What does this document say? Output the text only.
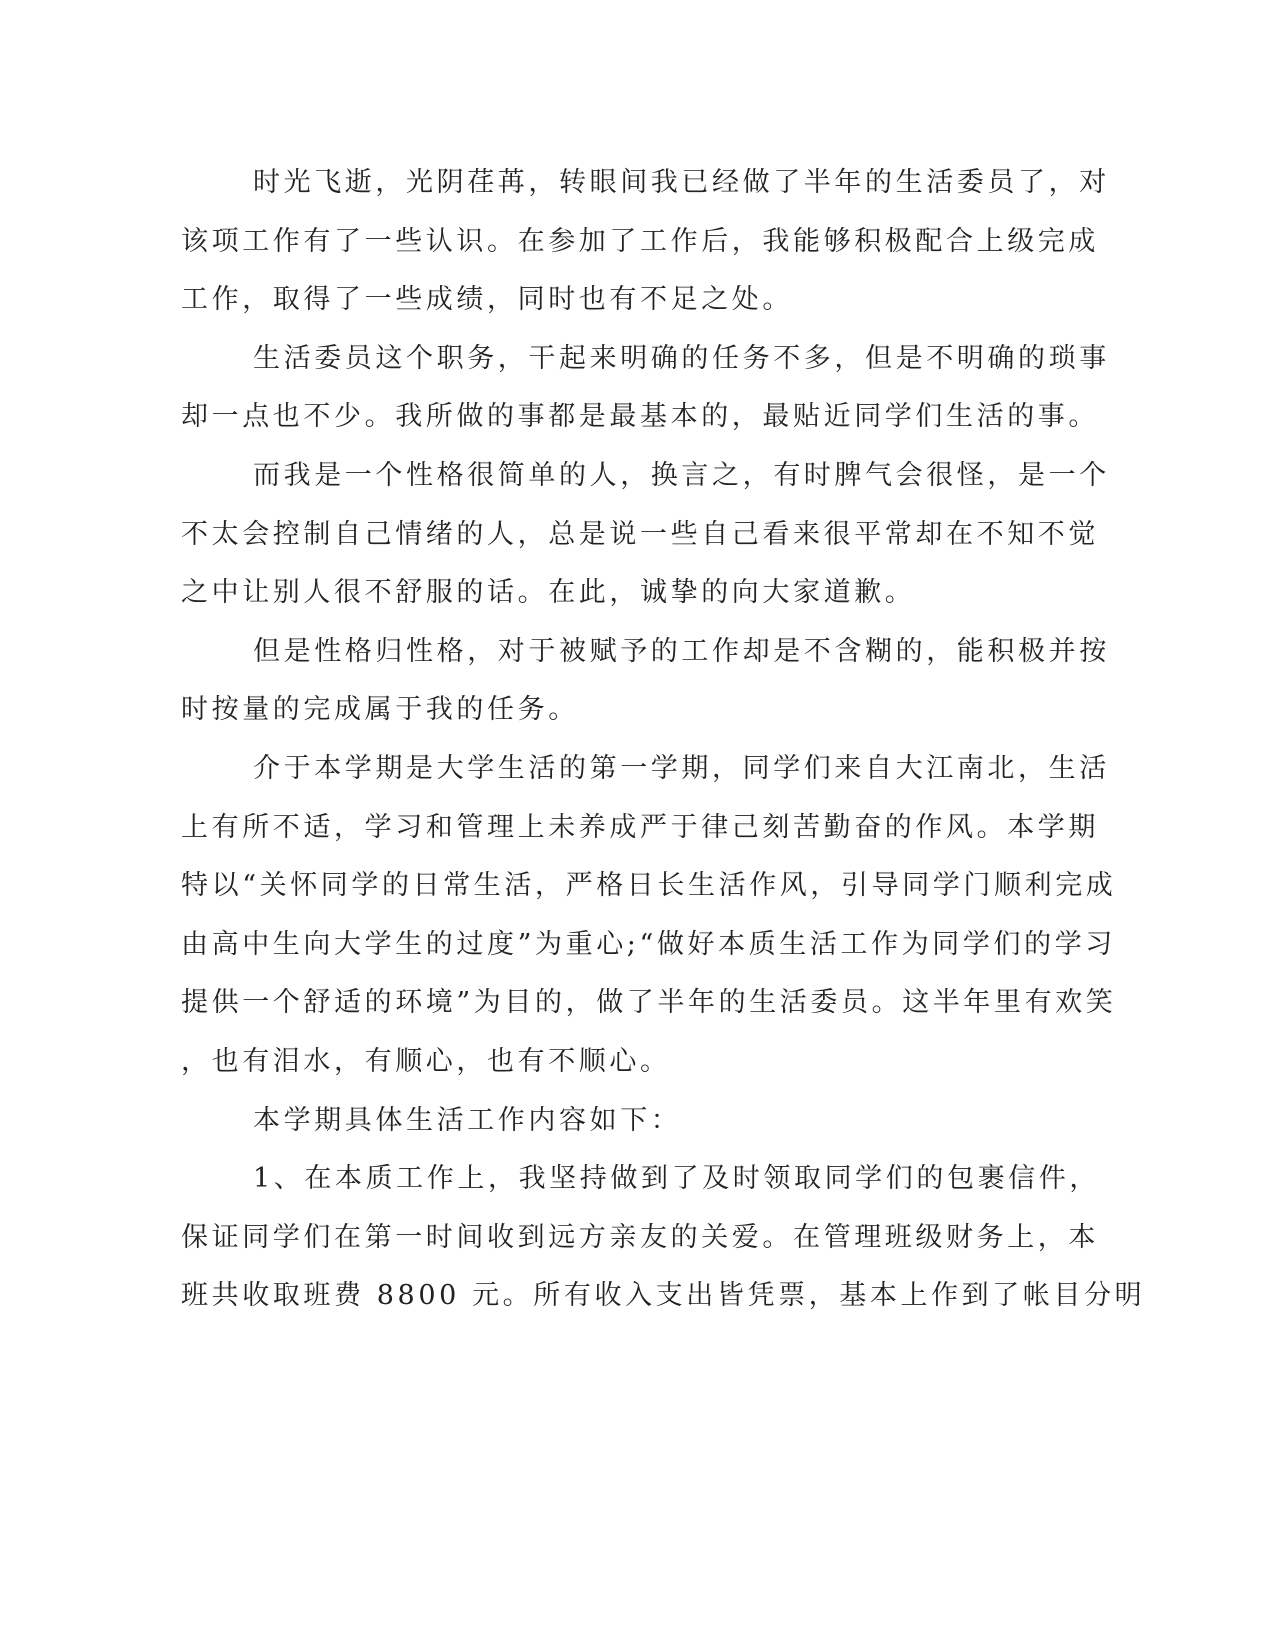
时光飞逝，光阴荏苒，转眼间我已经做了半年的生活委员了，对
该项工作有了一些认识。在参加了工作后，我能够积极配合上级完成
工作，取得了一些成绩，同时也有不足之处。
生活委员这个职务，干起来明确的任务不多，但是不明确的琐事
却一点也不少。我所做的事都是最基本的，最贴近同学们生活的事。
而我是一个性格很简单的人，换言之，有时脾气会很怪，是一个
不太会控制自己情绪的人，总是说一些自己看来很平常却在不知不觉
之中让别人很不舒服的话。在此，诚挚的向大家道歉。
但是性格归性格，对于被赋予的工作却是不含糊的，能积极并按
时按量的完成属于我的任务。
介于本学期是大学生活的第一学期，同学们来自大江南北，生活
上有所不适，学习和管理上未养成严于律己刻苦勤奋的作风。本学期
特以“关怀同学的日常生活，严格日长生活作风，引导同学门顺利完成
由高中生向大学生的过度”为重心;“做好本质生活工作为同学们的学习
提供一个舒适的环境”为目的，做了半年的生活委员。这半年里有欢笑
，也有泪水，有顺心，也有不顺心。
本学期具体生活工作内容如下：
1、在本质工作上，我坚持做到了及时领取同学们的包裹信件，
保证同学们在第一时间收到远方亲友的关爱。在管理班级财务上，本
班共收取班费 8800 元。所有收入支出皆凭票，基本上作到了帐目分明
